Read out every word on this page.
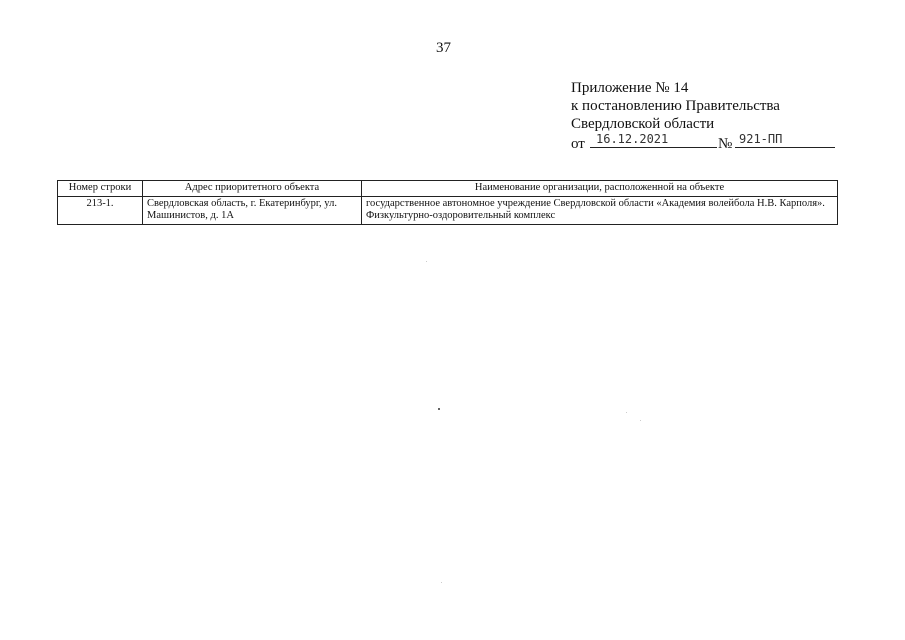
37
Приложение № 14
к постановлению Правительства
Свердловской области
от 16.12.2021	№ 921-ПП
Номер строки	Адрес приоритетного объекта	Наименование организации, расположенной на объекте
213-1.	Свердловская область, г. Екатеринбург, ул. Машинистов, д. 1А	государственное автономное учреждение Свердловской области «Академия волейбола Н.В. Карполя». Физкультурно-оздоровительный комплекс
